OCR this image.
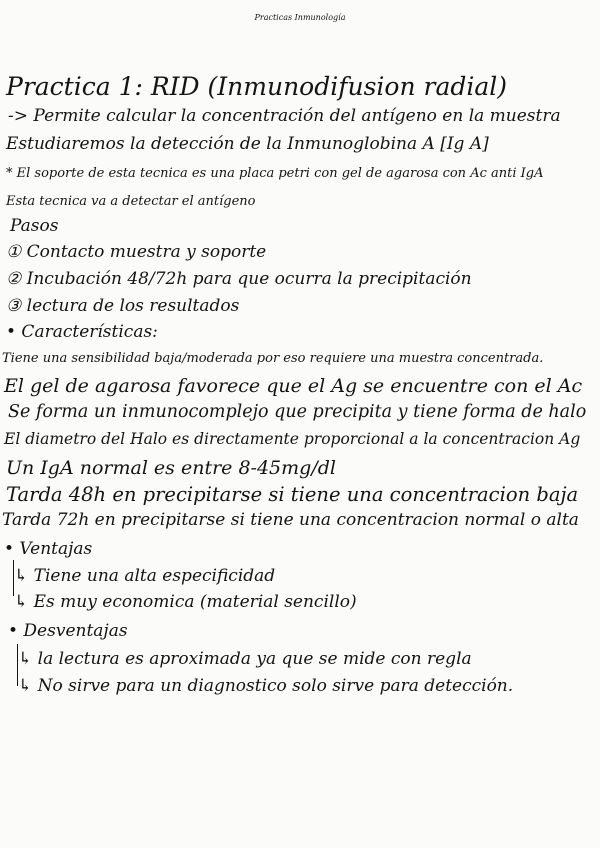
Practicas Inmunología
Practica 1: RID (Inmunodifusion radial)
-> Permite calcular la concentración del antígeno en la muestra
Estudiaremos la detección de la Inmunoglobina A [Ig A]
* El soporte de esta tecnica es una placa petri con gel de agarosa con Ac anti IgA
Esta tecnica va a detectar el antígeno
Pasos
① Contacto muestra y soporte
② Incubación 48/72h para que ocurra la precipitación
③ lectura de los resultados
• Características:
Tiene una sensibilidad baja/moderada por eso requiere una muestra concentrada.
El gel de agarosa favorece que el Ag se encuentre con el Ac
Se forma un inmunocomplejo que precipita y tiene forma de halo
El diametro del Halo es directamente proporcional a la concentracion Ag
Un IgA normal es entre 8-45mg/dl
Tarda 48h en precipitarse si tiene una concentracion baja
Tarda 72h en precipitarse si tiene una concentracion normal o alta
• Ventajas
↳ Tiene una alta especificidad
↳ Es muy economica (material sencillo)
• Desventajas
↳ la lectura es aproximada ya que se mide con regla
↳ No sirve para un diagnostico solo sirve para detección.
